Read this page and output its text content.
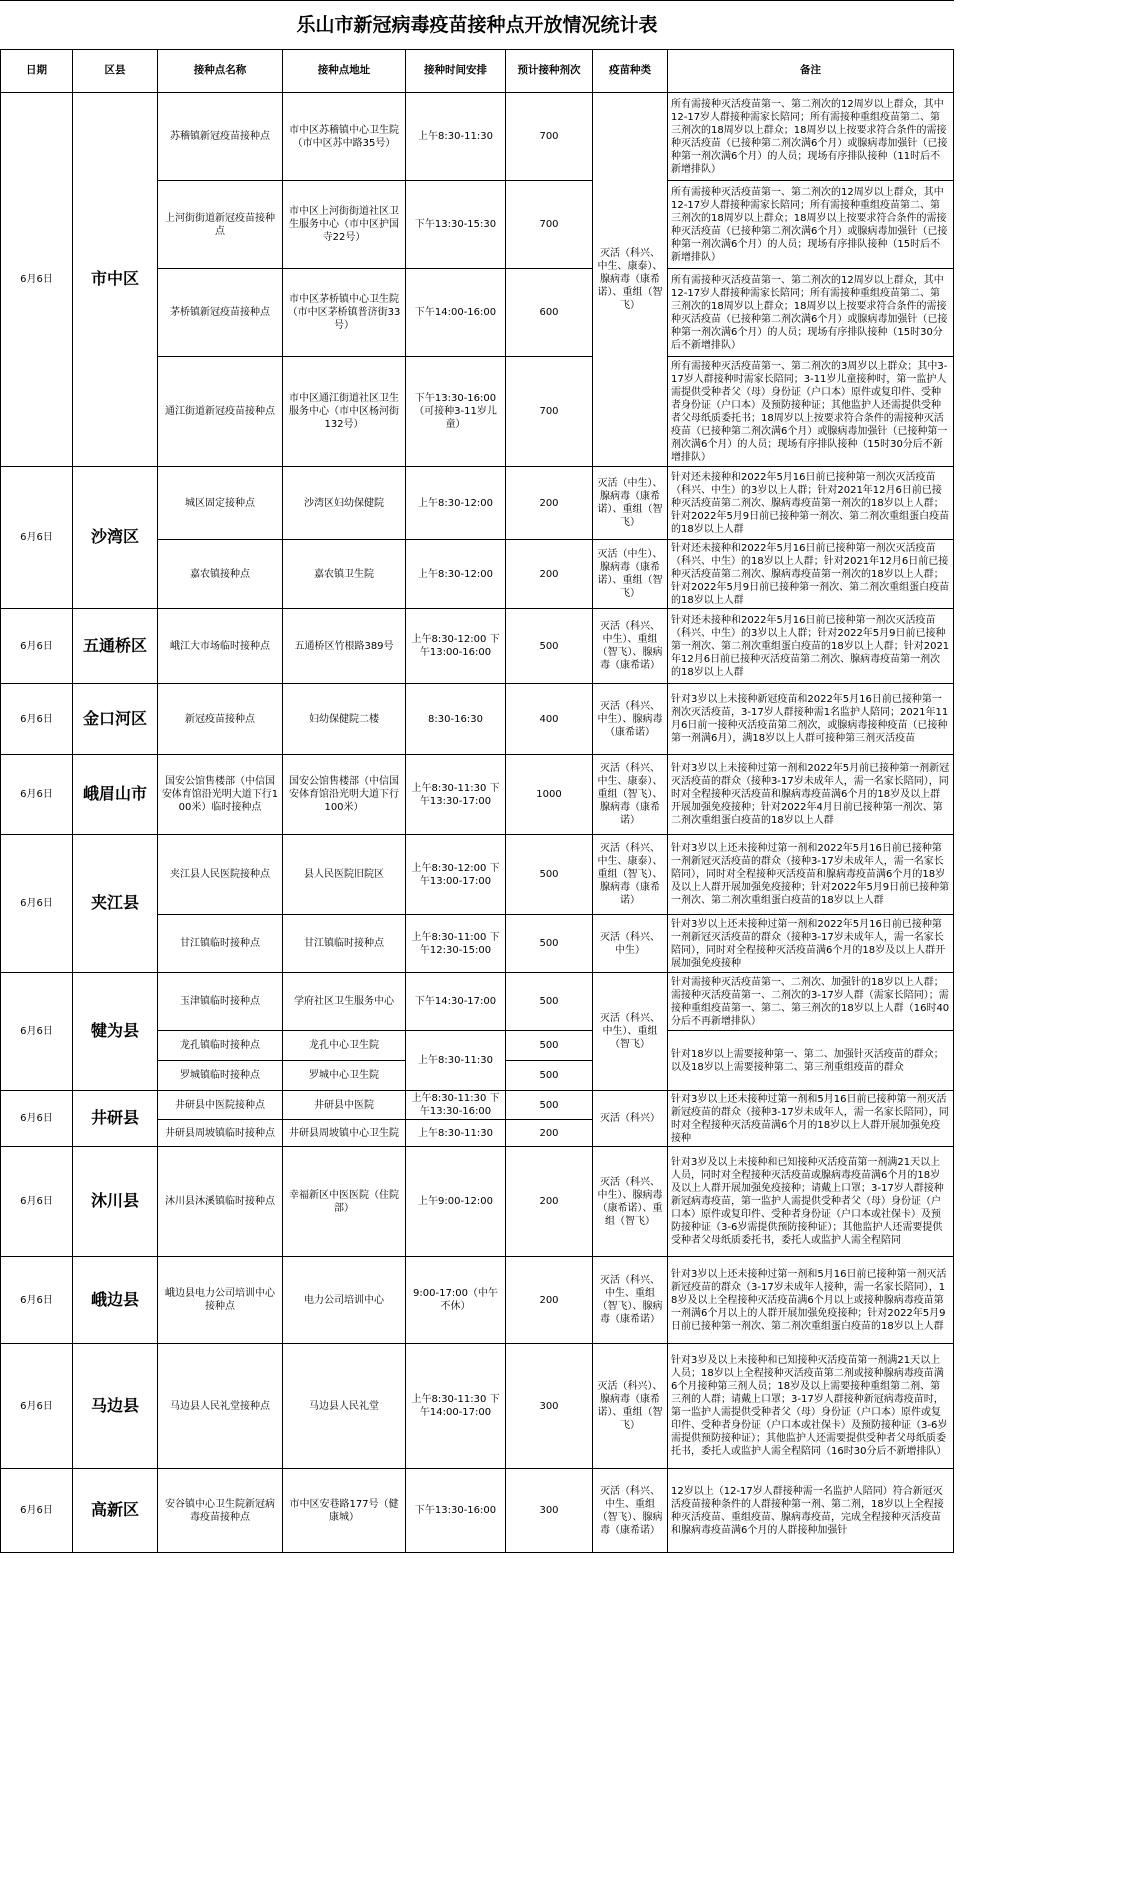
乐山市新冠病毒疫苗接种点开放情况统计表
日期	区县	接种点名称	接种点地址	接种时间安排	预计接种剂次	疫苗种类	备注
6月6日	市中区	苏稽镇新冠疫苗接种点	市中区苏稽镇中心卫生院（市中区苏中路35号）	上午8:30-11:30	700	灭活（科兴、中生、康泰）、腺病毒（康希诺）、重组（智飞）	所有需接种灭活疫苗第一、第二剂次的12周岁以上群众，其中12-17岁人群接种需家长陪同；所有需接种重组疫苗第二、第三剂次的18周岁以上群众；18周岁以上按要求符合条件的需接种灭活疫苗（已接种第二剂次满6个月）或腺病毒加强针（已接种第一剂次满6个月）的人员；现场有序排队接种（11时后不新增排队）
		上河街街道新冠疫苗接种点	市中区上河街街道社区卫生服务中心（市中区护国寺22号）	下午13:30-15:30	700		所有需接种灭活疫苗第一、第二剂次的12周岁以上群众，其中12-17岁人群接种需家长陪同；所有需接种重组疫苗第二、第三剂次的18周岁以上群众；18周岁以上按要求符合条件的需接种灭活疫苗（已接种第二剂次满6个月）或腺病毒加强针（已接种第一剂次满6个月）的人员；现场有序排队接种（15时后不新增排队）
		茅桥镇新冠疫苗接种点	市中区茅桥镇中心卫生院（市中区茅桥镇普济街33号）	下午14:00-16:00	600		所有需接种灭活疫苗第一、第二剂次的12周岁以上群众，其中12-17岁人群接种需家长陪同；所有需接种重组疫苗第二、第三剂次的18周岁以上群众；18周岁以上按要求符合条件的需接种灭活疫苗（已接种第二剂次满6个月）或腺病毒加强针（已接种第一剂次满6个月）的人员；现场有序排队接种（15时30分后不新增排队）
		通江街道新冠疫苗接种点	市中区通江街道社区卫生服务中心（市中区杨河街132号）	下午13:30-16:00（可接种3-11岁儿童）	700		所有需接种灭活疫苗第一、第二剂次的3周岁以上群众；其中3-17岁人群接种时需家长陪同；3-11岁儿童接种时，第一监护人需提供受种者父（母）身份证（户口本）原件或复印件、受种者身份证（户口本）及预防接种证；其他监护人还需提供受种者父母纸质委托书；18周岁以上按要求符合条件的需接种灭活疫苗（已接种第二剂次满6个月）或腺病毒加强针（已接种第一剂次满6个月）的人员；现场有序排队接种（15时30分后不新增排队）
6月6日	沙湾区	城区固定接种点	沙湾区妇幼保健院	上午8:30-12:00	200	灭活（中生）、腺病毒（康希诺）、重组（智飞）	针对还未接种和2022年5月16日前已接种第一剂次灭活疫苗（科兴、中生）的3岁以上人群；针对2021年12月6日前已接种灭活疫苗第二剂次、腺病毒疫苗第一剂次的18岁以上人群；针对2022年5月9日前已接种第一剂次、第二剂次重组蛋白疫苗的18岁以上人群
		嘉农镇接种点	嘉农镇卫生院	上午8:30-12:00	200	灭活（中生）、腺病毒（康希诺）、重组（智飞）	针对还未接种和2022年5月16日前已接种第一剂次灭活疫苗（科兴、中生）的18岁以上人群；针对2021年12月6日前已接种灭活疫苗第二剂次、腺病毒疫苗第一剂次的18岁以上人群；针对2022年5月9日前已接种第一剂次、第二剂次重组蛋白疫苗的18岁以上人群
6月6日	五通桥区	峨江大市场临时接种点	五通桥区竹根路389号	上午8:30-12:00 下午13:00-16:00	500	灭活（科兴、中生）、重组（智飞）、腺病毒（康希诺）	针对还未接种和2022年5月16日前已接种第一剂次灭活疫苗（科兴、中生）的3岁以上人群；针对2022年5月9日前已接种第一剂次、第二剂次重组蛋白疫苗的18岁以上人群；针对2021年12月6日前已接种灭活疫苗第二剂次、腺病毒疫苗第一剂次的18岁以上人群
6月6日	金口河区	新冠疫苗接种点	妇幼保健院二楼	8:30-16:30	400	灭活（科兴、中生）、腺病毒（康希诺）	针对3岁以上未接种新冠疫苗和2022年5月16日前已接种第一剂次灭活疫苗，3-17岁人群接种需1名监护人陪同；2021年11月6日前一接种灭活疫苗第二剂次，或腺病毒接种疫苗（已接种第一剂满6月），满18岁以上人群可接种第三剂灭活疫苗
6月6日	峨眉山市	国安公馆售楼部（中信国安体育馆沿光明大道下行100米）临时接种点	国安公馆售楼部（中信国安体育馆沿光明大道下行100米）	上午8:30-11:30 下午13:30-17:00	1000	灭活（科兴、中生、康泰）、重组（智飞）、腺病毒（康希诺）	针对3岁以上未接种过第一剂和2022年5月前已接种第一剂新冠灭活疫苗的群众（接种3-17岁未成年人，需一名家长陪同），同时对全程接种灭活疫苗和腺病毒疫苗满6个月的18岁及以上群开展加强免疫接种；针对2022年4月日前已接种第一剂次、第二剂次重组蛋白疫苗的18岁以上人群
6月6日	夹江县	夹江县人民医院接种点	县人民医院旧院区	上午8:30-12:00 下午13:00-17:00	500	灭活（科兴、中生、康泰）、重组（智飞）、腺病毒（康希诺）	针对3岁以上还未接种过第一剂和2022年5月16日前已接种第一剂新冠灭活疫苗的群众（接种3-17岁未成年人，需一名家长陪同），同时对全程接种灭活疫苗和腺病毒疫苗满6个月的18岁及以上人群开展加强免疫接种；针对2022年5月9日前已接种第一剂次、第二剂次重组蛋白疫苗的18岁以上人群
		甘江镇临时接种点	甘江镇临时接种点	上午8:30-11:00 下午12:30-15:00	500	灭活（科兴、中生）	针对3岁以上还未接种过第一剂和2022年5月16日前已接种第一剂新冠灭活疫苗的群众（接种3-17岁未成年人，需一名家长陪同），同时对全程接种灭活疫苗满6个月的18岁及以上人群开展加强免疫接种
6月6日	犍为县	玉津镇临时接种点	学府社区卫生服务中心	下午14:30-17:00	500	灭活（科兴、中生）、重组（智飞）	针对需接种灭活疫苗第一、二剂次、加强针的18岁以上人群；需接种灭活疫苗第一、二剂次的3-17岁人群（需家长陪同）；需接种重组疫苗第一、第二、第三剂次的18岁以上人群（16时40分后不再新增排队）
		龙孔镇临时接种点	龙孔中心卫生院	上午8:30-11:30	500		针对18岁以上需要接种第一、第二、加强针灭活疫苗的群众；以及18岁以上需要接种第二、第三剂重组疫苗的群众
		罗城镇临时接种点	罗城中心卫生院		500		
6月6日	井研县	井研县中医院接种点	井研县中医院	上午8:30-11:30 下午13:30-16:00	500	灭活（科兴）	针对3岁以上还未接种过第一剂和5月16日前已接种第一剂灭活新冠疫苗的群众（接种3-17岁未成年人，需一名家长陪同），同时对全程接种灭活疫苗满6个月的18岁以上人群开展加强免疫接种
		井研县周坡镇临时接种点	井研县周坡镇中心卫生院	上午8:30-11:30	200		
6月6日	沐川县	沐川县沐溪镇临时接种点	幸福新区中医医院（住院部）	上午9:00-12:00	200	灭活（科兴、中生）、腺病毒（康希诺）、重组（智飞）	针对3岁及以上未接种和已知接种灭活疫苗第一剂满21天以上人员，同时对全程接种灭活疫苗或腺病毒疫苗满6个月的18岁及以上人群开展加强免疫接种；请戴上口罩；3-17岁人群接种新冠病毒疫苗，第一监护人需提供受种者父（母）身份证（户口本）原件或复印件、受种者身份证（户口本或社保卡）及预防接种证（3-6岁需提供预防接种证）；其他监护人还需要提供受种者父母纸质委托书，委托人或监护人需全程陪同
6月6日	峨边县	峨边县电力公司培训中心接种点	电力公司培训中心	9:00-17:00（中午不休）	200	灭活（科兴、中生、重组（智飞）、腺病毒（康希诺）	针对3岁以上还未接种过第一剂和5月16日前已接种第一剂灭活新冠疫苗的群众（3-17岁未成年人接种，需一名家长陪同），18岁及以上全程接种灭活疫苗满6个月以上或接种腺病毒疫苗第一剂满6个月以上的人群开展加强免疫接种；针对2022年5月9日前已接种第一剂次、第二剂次重组蛋白疫苗的18岁以上人群
6月6日	马边县	马边县人民礼堂接种点	马边县人民礼堂	上午8:30-11:30 下午14:00-17:00	300	灭活（科兴）、腺病毒（康希诺）、重组（智飞）	针对3岁及以上未接种和已知接种灭活疫苗第一剂满21天以上人员；18岁以上全程接种灭活疫苗第二剂或接种腺病毒疫苗满6个月接种第三剂人员；18岁及以上需要接种重组第二剂、第三剂的人群；请戴上口罩；3-17岁人群接种新冠病毒疫苗时，第一监护人需提供受种者父（母）身份证（户口本）原件或复印件、受种者身份证（户口本或社保卡）及预防接种证（3-6岁需提供预防接种证）；其他监护人还需要提供受种者父母纸质委托书，委托人或监护人需全程陪同（16时30分后不新增排队）
6月6日	高新区	安谷镇中心卫生院新冠病毒疫苗接种点	市中区安巷路177号（健康城）	下午13:30-16:00	300	灭活（科兴、中生、重组（智飞）、腺病毒（康希诺）	12岁以上（12-17岁人群接种需一名监护人陪同）符合新冠灭活疫苗接种条件的人群接种第一剂、第二剂，18岁以上全程接种灭活疫苗、重组疫苗、腺病毒疫苗，完成全程接种灭活疫苗和腺病毒疫苗满6个月的人群接种加强针
